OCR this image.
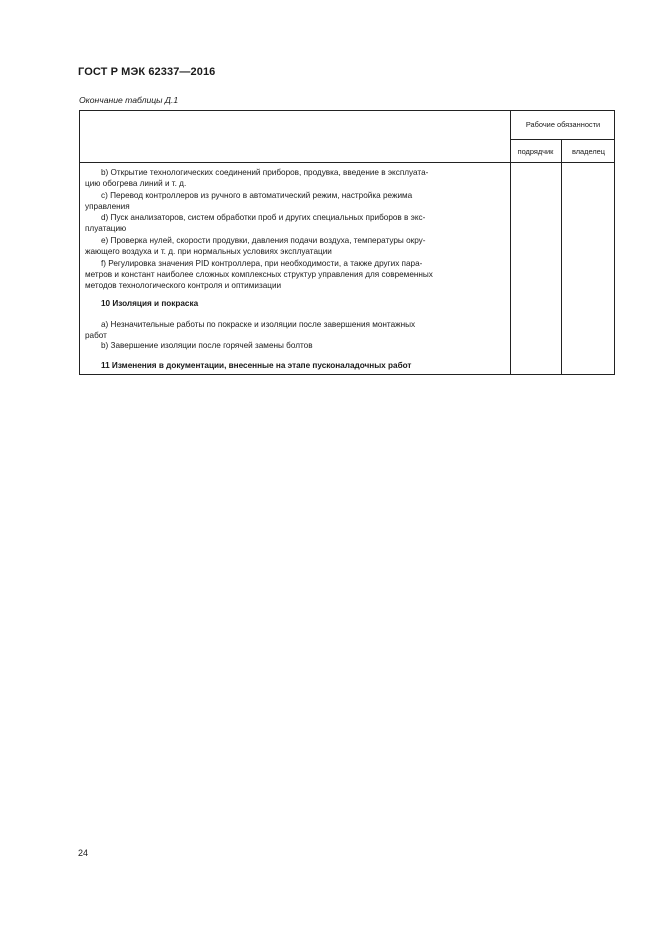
ГОСТ Р МЭК 62337—2016
Окончание таблицы Д.1
Рабочие обязанности
подрядчик	владелец
b) Открытие технологических соединений приборов, продувка, введение в эксплуата-
цию обогрева линий и т. д.
c) Перевод контроллеров из ручного в автоматический режим, настройка режима
управления
d) Пуск анализаторов, систем обработки проб и других специальных приборов в экс-
плуатацию
e) Проверка нулей, скорости продувки, давления подачи воздуха, температуры окру-
жающего воздуха и т. д. при нормальных условиях эксплуатации
f) Регулировка значения PID контроллера, при необходимости, а также других пара-
метров и констант наиболее сложных комплексных структур управления для современных
методов технологического контроля и оптимизации
10 Изоляция и покраска
a) Незначительные работы по покраске и изоляции после завершения монтажных
работ
b) Завершение изоляции после горячей замены болтов
11 Изменения в документации, внесенные на этапе пусконаладочных работ
24
